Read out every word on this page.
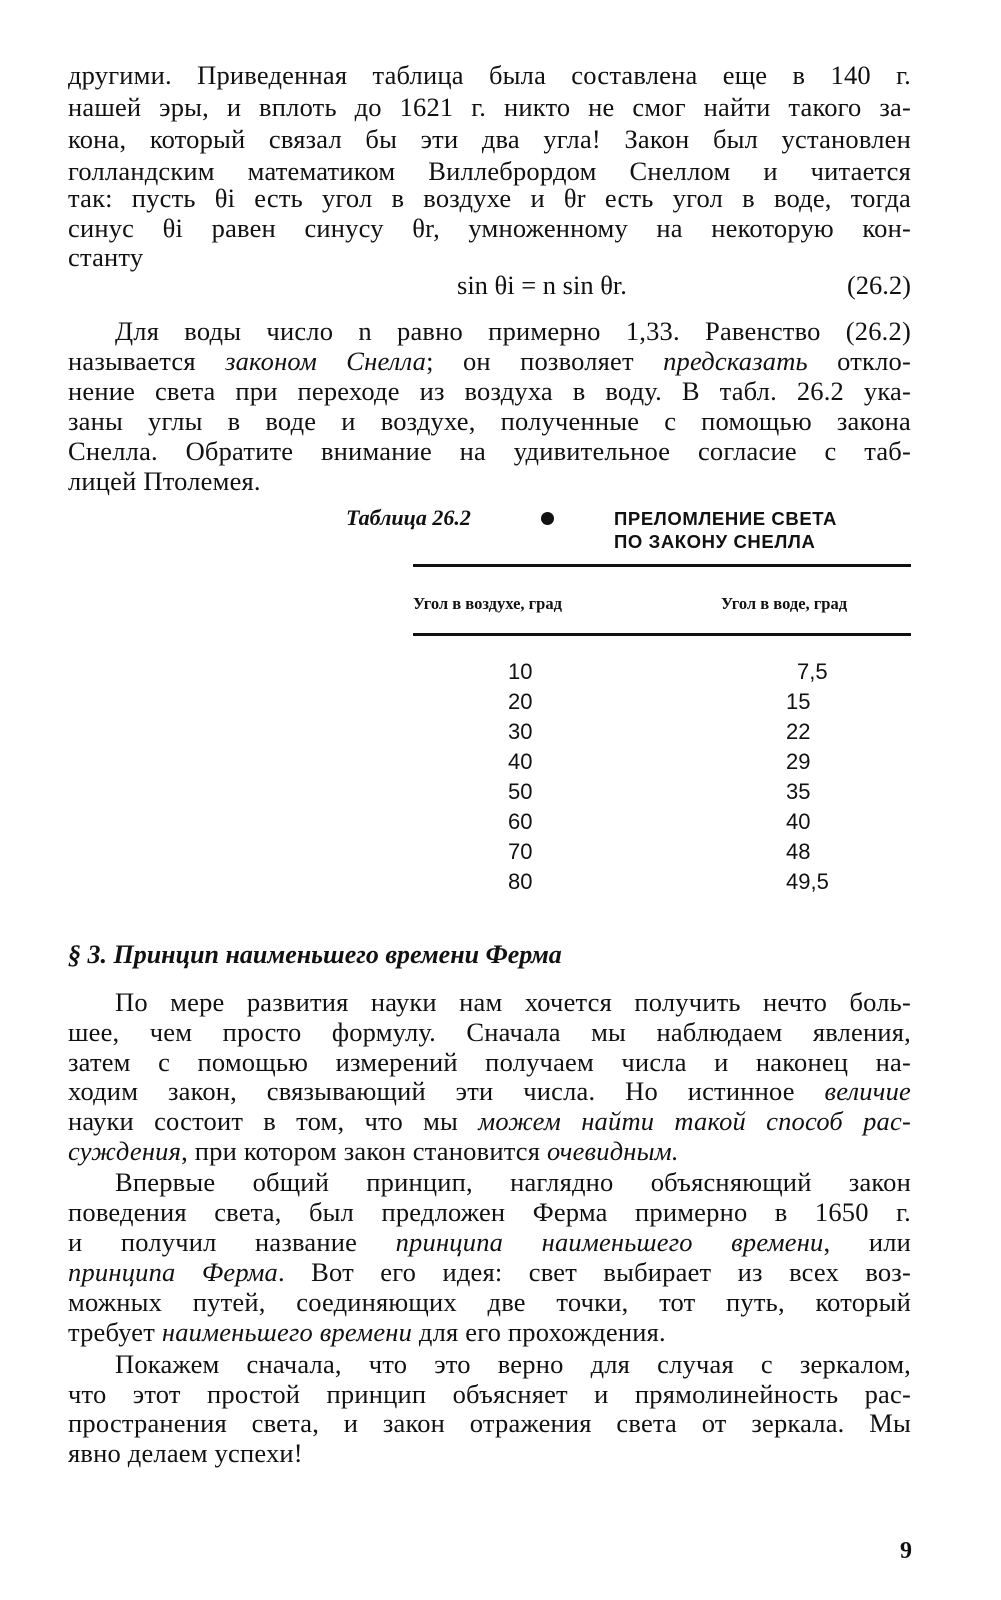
другими. Приведенная таблица была составлена еще в 140 г.
нашей эры, и вплоть до 1621 г. никто не смог найти такого за-
кона, который связал бы эти два угла! Закон был установлен
голландским математиком Виллебрордом Снеллом и читается
так: пусть θi есть угол в воздухе и θr есть угол в воде, тогда
синус θi равен синусу θr, умноженному на некоторую кон-
станту
sin θi = n sin θr.	(26.2)
Для воды число n равно примерно 1,33. Равенство (26.2)
называется законом Снелла; он позволяет предсказать откло-
нение света при переходе из воздуха в воду. В табл. 26.2 ука-
заны углы в воде и воздухе, полученные с помощью закона
Снелла. Обратите внимание на удивительное согласие с таб-
лицей Птолемея.
Таблица 26.2	ПРЕЛОМЛЕНИЕ СВЕТА
ПО ЗАКОНУ СНЕЛЛА
Угол в воздухе, град	Угол в воде, град
10	7,5
20	15
30	22
40	29
50	35
60	40
70	48
80	49,5
§ 3. Принцип наименьшего времени Ферма
По мере развития науки нам хочется получить нечто боль-
шее, чем просто формулу. Сначала мы наблюдаем явления,
затем с помощью измерений получаем числа и наконец на-
ходим закон, связывающий эти числа. Но истинное величие
науки состоит в том, что мы можем найти такой способ рас-
суждения, при котором закон становится очевидным.
Впервые общий принцип, наглядно объясняющий закон
поведения света, был предложен Ферма примерно в 1650 г.
и получил название принципа наименьшего времени, или
принципа Ферма. Вот его идея: свет выбирает из всех воз-
можных путей, соединяющих две точки, тот путь, который
требует наименьшего времени для его прохождения.
Покажем сначала, что это верно для случая с зеркалом,
что этот простой принцип объясняет и прямолинейность рас-
пространения света, и закон отражения света от зеркала. Мы
явно делаем успехи!
9
